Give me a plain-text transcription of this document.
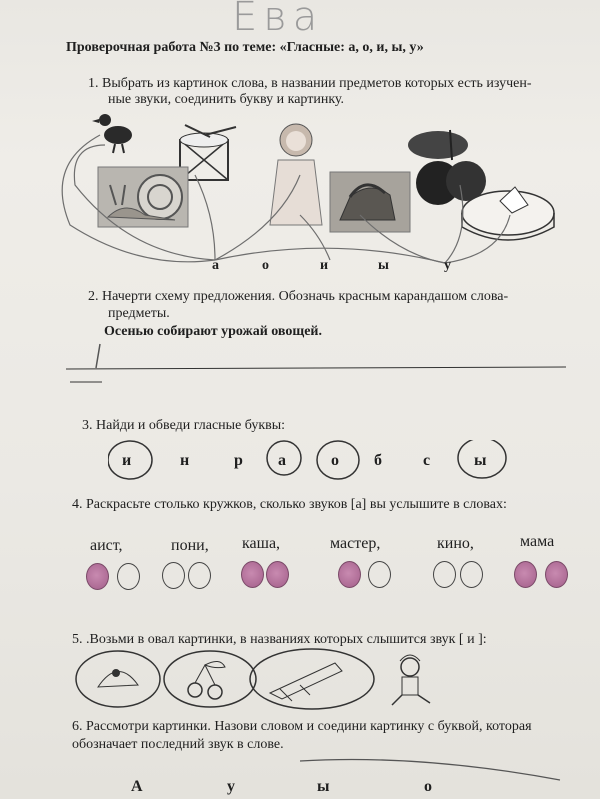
Ева
Проверочная работа №3 по теме: «Гласные: а, о, и, ы, у»
1. Выбрать из картинок слова, в названии предметов которых есть изучен-
ные звуки, соединить букву и картинку.
а	о	и	ы	у
2. Начерти схему предложения. Обозначь красным карандашом слова-
предметы.
Осенью собирают урожай овощей.
3. Найди и обведи гласные буквы:
и	н	р а	о б	с	ы
4. Раскрасьте столько кружков, сколько звуков [а] вы услышите в словах:
аист,	пони, каша,	мастер,	кино,	мама
5. .Возьми в овал картинки, в названиях которых слышится звук [ и ]:
6. Рассмотри картинки. Назови словом и соедини картинку с буквой, которая
обозначает последний звук в слове.
А	у	ы	о
